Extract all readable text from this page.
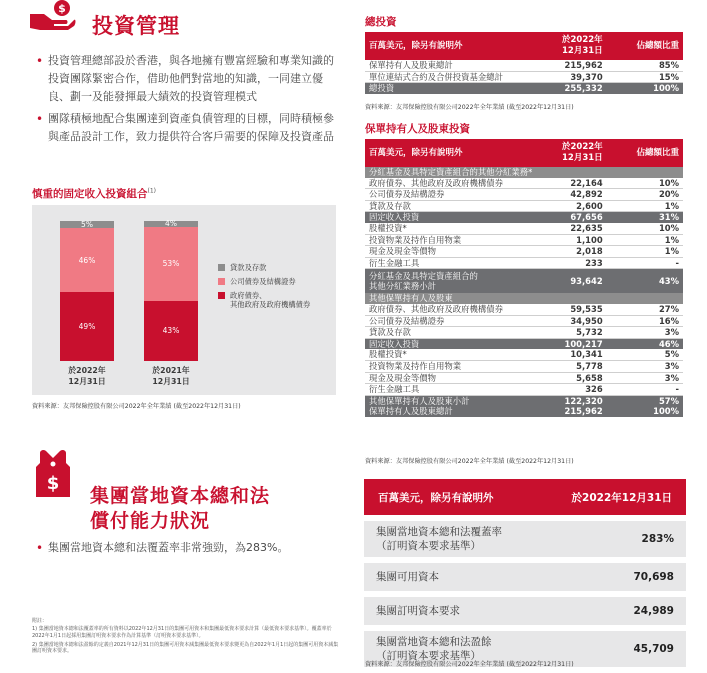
$
投資管理
• 投資管理總部設於香港，與各地擁有豐富經驗和專業知識的投資團隊緊密合作，借助他們對當地的知識，一同建立優良、劃一及能發揮最大績效的投資管理模式
• 團隊積極地配合集團達到資產負債管理的目標，同時積極參與產品設計工作，致力提供符合客戶需要的保障及投資產品
慎重的固定收入投資組合$^{(1)}$
49%
46%
5%
於2022年
12月31日
43%
53%
4%
於2021年
12月31日
貸款及存款
公司債券及結構證券
政府債券、
其他政府及政府機構債券
資料來源：友邦保險控股有限公司2022年全年業績 (截至2022年12月31日)
總投資
百萬美元，除另有說明外	於2022年
12月31日	佔總額比重
保單持有人及股東總計	215,962	85%
單位連結式合約及合併投資基金總計	39,370	15%
總投資	255,332	100%
資料來源：友邦保險控股有限公司2022年全年業績 (截至2022年12月31日)
保單持有人及股東投資
百萬美元，除另有說明外	於2022年
12月31日	佔總額比重
分紅基金及具特定資產組合的其他分紅業務*		
政府債券、其他政府及政府機構債券	22,164	10%
公司債券及結構證券	42,892	20%
貸款及存款	2,600	1%
固定收入投資	67,656	31%
股權投資*	22,635	10%
投資物業及持作自用物業	1,100	1%
現金及現金等價物	2,018	1%
衍生金融工具	233	-

分紅基金及具特定資產組合的
其他分紅業務小計	93,642	43%
其他保單持有人及股東		
政府債券、其他政府及政府機構債券	59,535	27%
公司債券及結構證券	34,950	16%
貸款及存款	5,732	3%
固定收入投資	100,217	46%
股權投資*	10,341	5%
投資物業及持作自用物業	5,778	3%
現金及現金等價物	5,658	3%
衍生金融工具	326	-
其他保單持有人及股東小計	122,320	57%
保單持有人及股東總計	215,962	100%
資料來源：友邦保險控股有限公司2022年全年業績 (截至2022年12月31日)
$
集團當地資本總和法
償付能力狀況
• 集團當地資本總和法覆蓋率非常強勁，為283%。
附註：
1) 集團當地資本總和法覆蓋率的所有資料以2022年12月31日的集團可用資本和集團最低資本要求計算（最低資本要求基準）。覆蓋率於2022年1月1日起採用集團訂明資本要求作為計算基準（訂明資本要求基準）。
2) 集團當地資本總和法盈餘的定義自2021年12月31日的集團可用資本減集團最低資本要求變更為自2022年1月1日起的集團可用資本減集團訂明資本要求。
百萬美元，除另有說明外	於2022年12月31日
集團當地資本總和法覆蓋率
（訂明資本要求基準）
283%
集團可用資本	70,698
集團訂明資本要求	24,989
集團當地資本總和法盈餘
（訂明資本要求基準）
45,709
資料來源：友邦保險控股有限公司2022年全年業績 (截至2022年12月31日)
